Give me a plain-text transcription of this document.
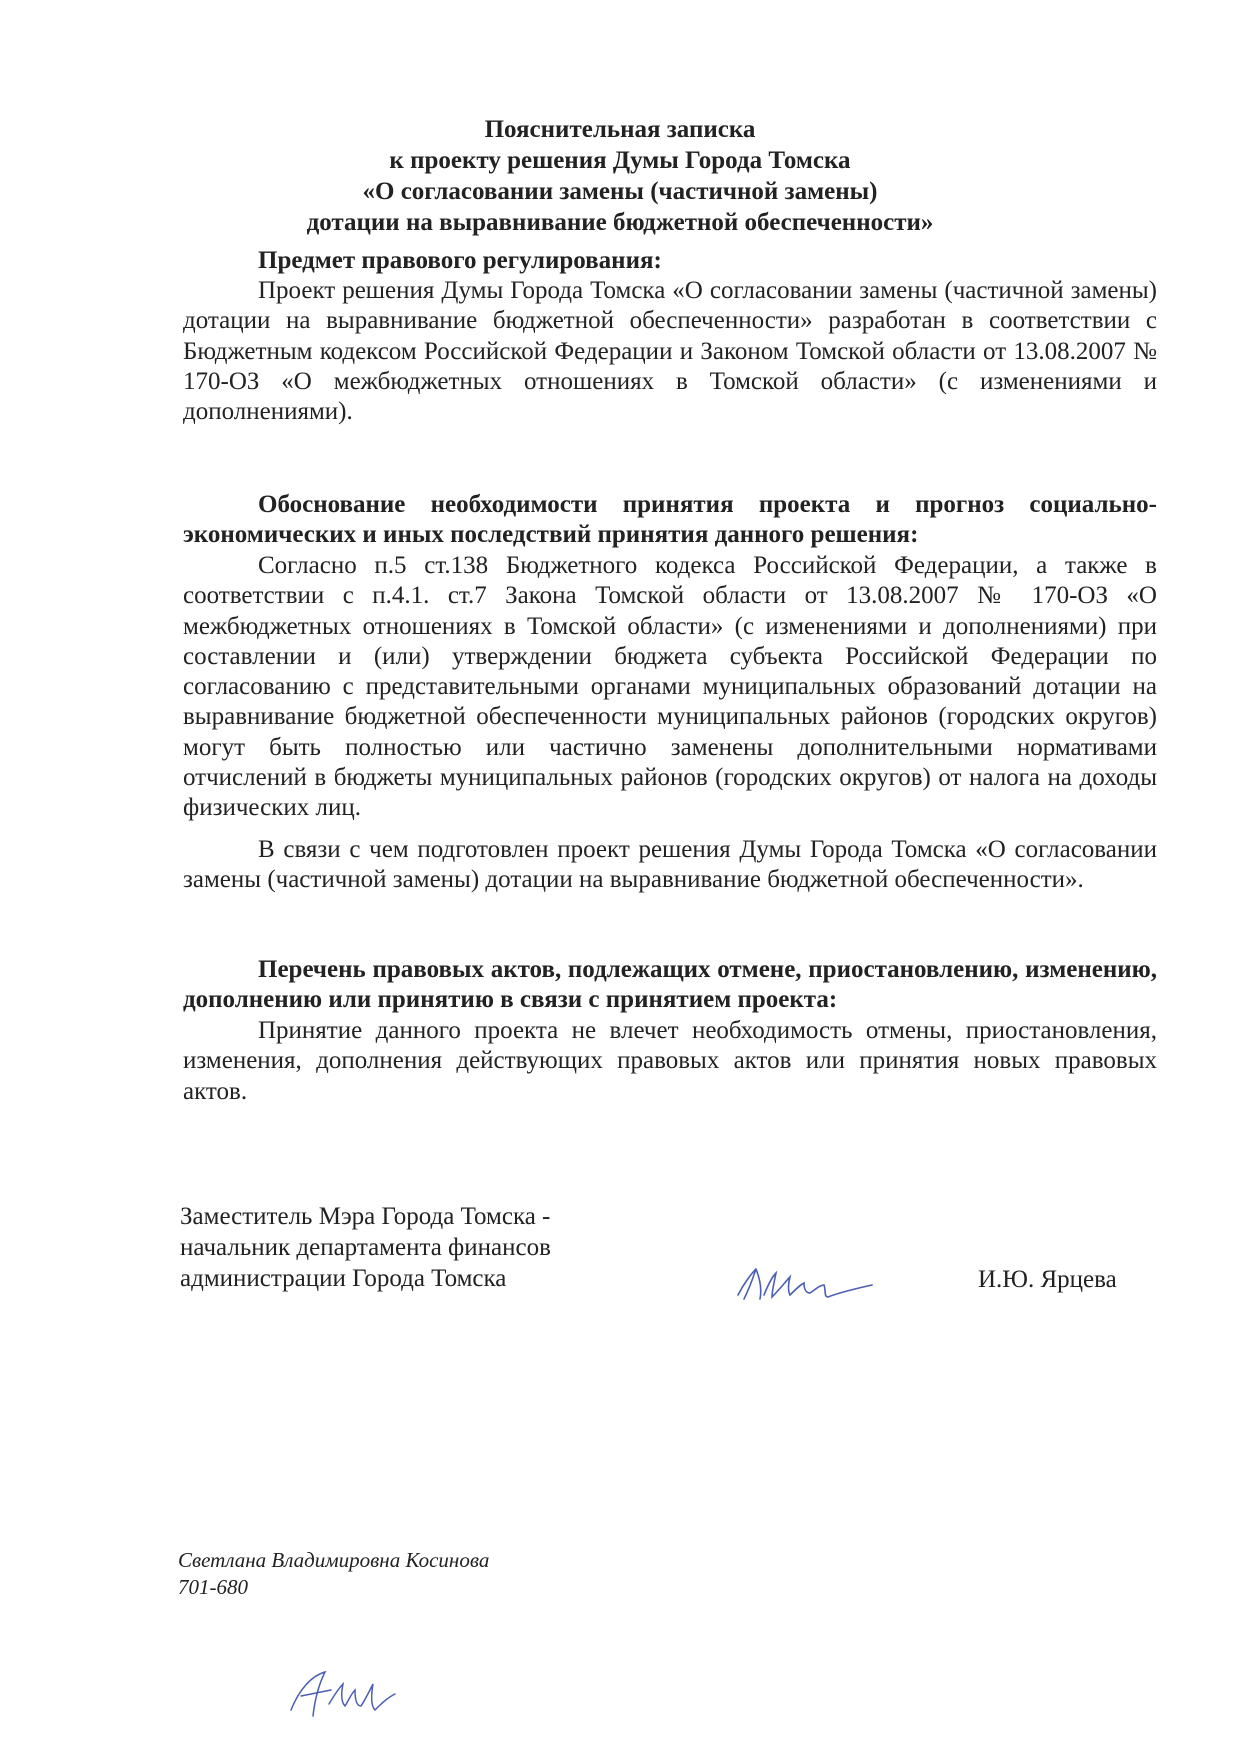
Пояснительная записка
к проекту решения Думы Города Томска
«О согласовании замены (частичной замены)
дотации на выравнивание бюджетной обеспеченности»
Предмет правового регулирования:
Проект решения Думы Города Томска «О согласовании замены (частичной замены) дотации на выравнивание бюджетной обеспеченности» разработан в соответствии с Бюджетным кодексом Российской Федерации и Законом Томской области от 13.08.2007 № 170-ОЗ «О межбюджетных отношениях в Томской области» (с изменениями и дополнениями).
Обоснование необходимости принятия проекта и прогноз социально-экономических и иных последствий принятия данного решения:
Согласно п.5 ст.138 Бюджетного кодекса Российской Федерации, а также в соответствии с п.4.1. ст.7 Закона Томской области от 13.08.2007 № 170-ОЗ «О межбюджетных отношениях в Томской области» (с изменениями и дополнениями) при составлении и (или) утверждении бюджета субъекта Российской Федерации по согласованию с представительными органами муниципальных образований дотации на выравнивание бюджетной обеспеченности муниципальных районов (городских округов) могут быть полностью или частично заменены дополнительными нормативами отчислений в бюджеты муниципальных районов (городских округов) от налога на доходы физических лиц.
В связи с чем подготовлен проект решения Думы Города Томска «О согласовании замены (частичной замены) дотации на выравнивание бюджетной обеспеченности».
Перечень правовых актов, подлежащих отмене, приостановлению, изменению, дополнению или принятию в связи с принятием проекта:
Принятие данного проекта не влечет необходимость отмены, приостановления, изменения, дополнения действующих правовых актов или принятия новых правовых актов.
Заместитель Мэра Города Томска -
начальник департамента финансов
администрации Города Томска	И.Ю. Ярцева
Светлана Владимировна Косинова
701-680
